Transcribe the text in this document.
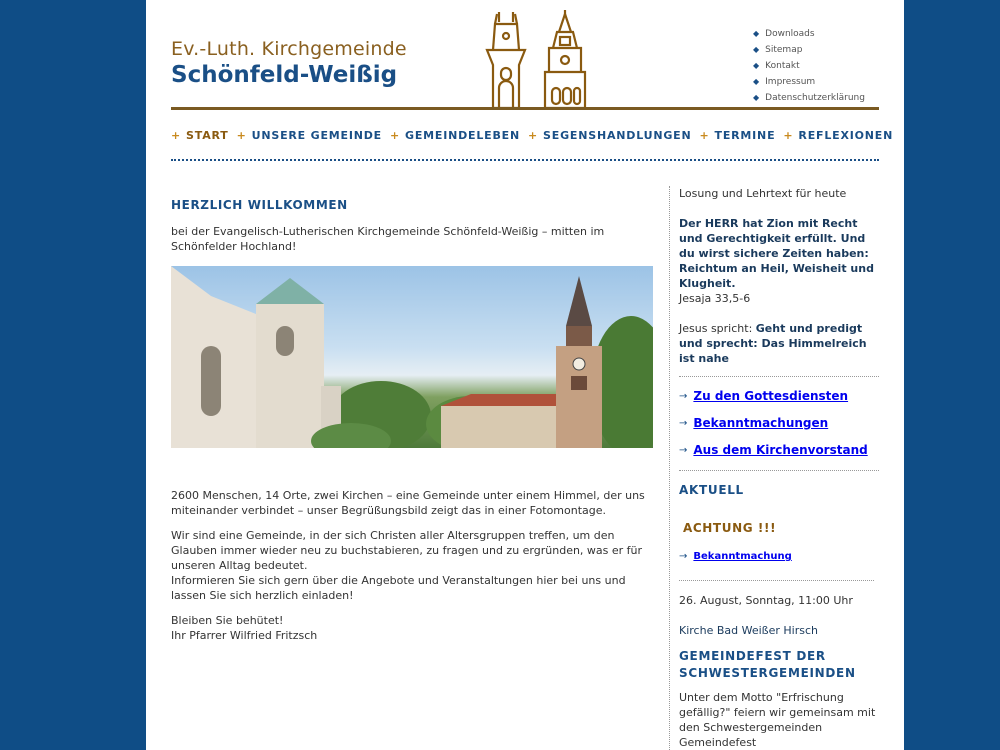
Ev.-Luth. Kirchgemeinde
Schönfeld-Weißig
◆ Downloads
◆ Sitemap
◆ Kontakt
◆ Impressum
◆ Datenschutzerklärung
+ START + UNSERE GEMEINDE + GEMEINDELEBEN + SEGENSHANDLUNGEN + TERMINE + REFLEXIONEN
HERZLICH WILLKOMMEN

bei der Evangelisch-Lutherischen Kirchgemeinde Schönfeld-Weißig – mitten im Schönfelder Hochland!

2600 Menschen, 14 Orte, zwei Kirchen – eine Gemeinde unter einem Himmel, der uns miteinander verbindet – unser Begrüßungsbild zeigt das in einer Fotomontage.

Wir sind eine Gemeinde, in der sich Christen aller Altersgruppen treffen, um den Glauben immer wieder neu zu buchstabieren, zu fragen und zu ergründen, was er für unseren Alltag bedeutet.

Informieren Sie sich gern über die Angebote und Veranstaltungen hier bei uns und lassen Sie sich herzlich einladen!

Bleiben Sie behütet!

Ihr Pfarrer Wilfried Fritzsch

Losung und Lehrtext für heute
Der HERR hat Zion mit Recht und Gerechtigkeit erfüllt. Und du wirst sichere Zeiten haben: Reichtum an Heil, Weisheit und Klugheit.
Jesaja 33,5-6
Jesus spricht: Geht und predigt und sprecht: Das Himmelreich ist nahe
→ Zu den Gottesdiensten
→ Bekanntmachungen
→ Aus dem Kirchenvorstand
AKTUELL
ACHTUNG !!!
→ Bekanntmachung
26. August, Sonntag, 11:00 Uhr
Kirche Bad Weißer Hirsch
GEMEINDEFEST DER SCHWESTERGEMEINDEN
Unter dem Motto "Erfrischung gefällig?" feiern wir gemeinsam mit den Schwestergemeinden Gemeindefest
